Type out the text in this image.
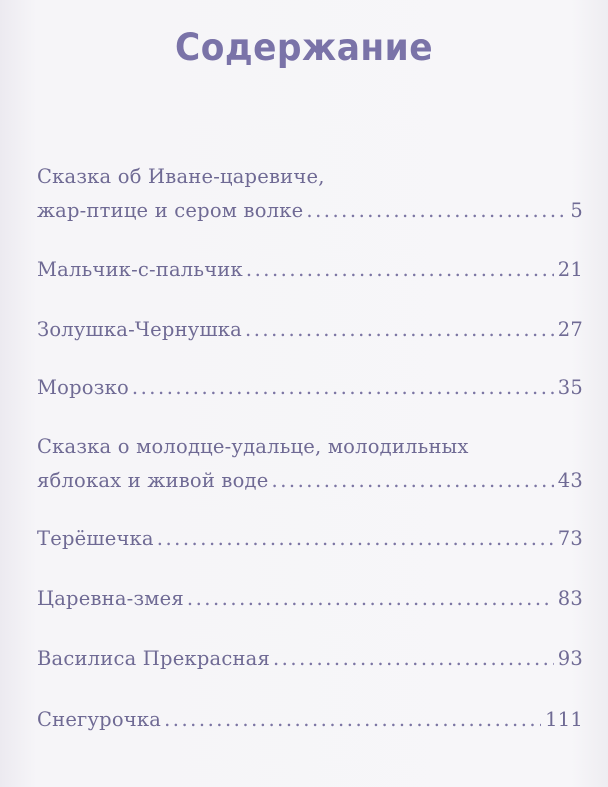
Содержание
Сказка об Иване-царевиче,
жар-птице и сером волке .....	5
Мальчик-с-пальчик .....	21
Золушка-Чернушка .....	27
Морозко .....	35
Сказка о молодце-удальце, молодильных
яблоках и живой воде .....	43
Терёшечка .....	73
Царевна-змея .....	83
Василиса Прекрасная .....	93
Снегурочка .....	111
